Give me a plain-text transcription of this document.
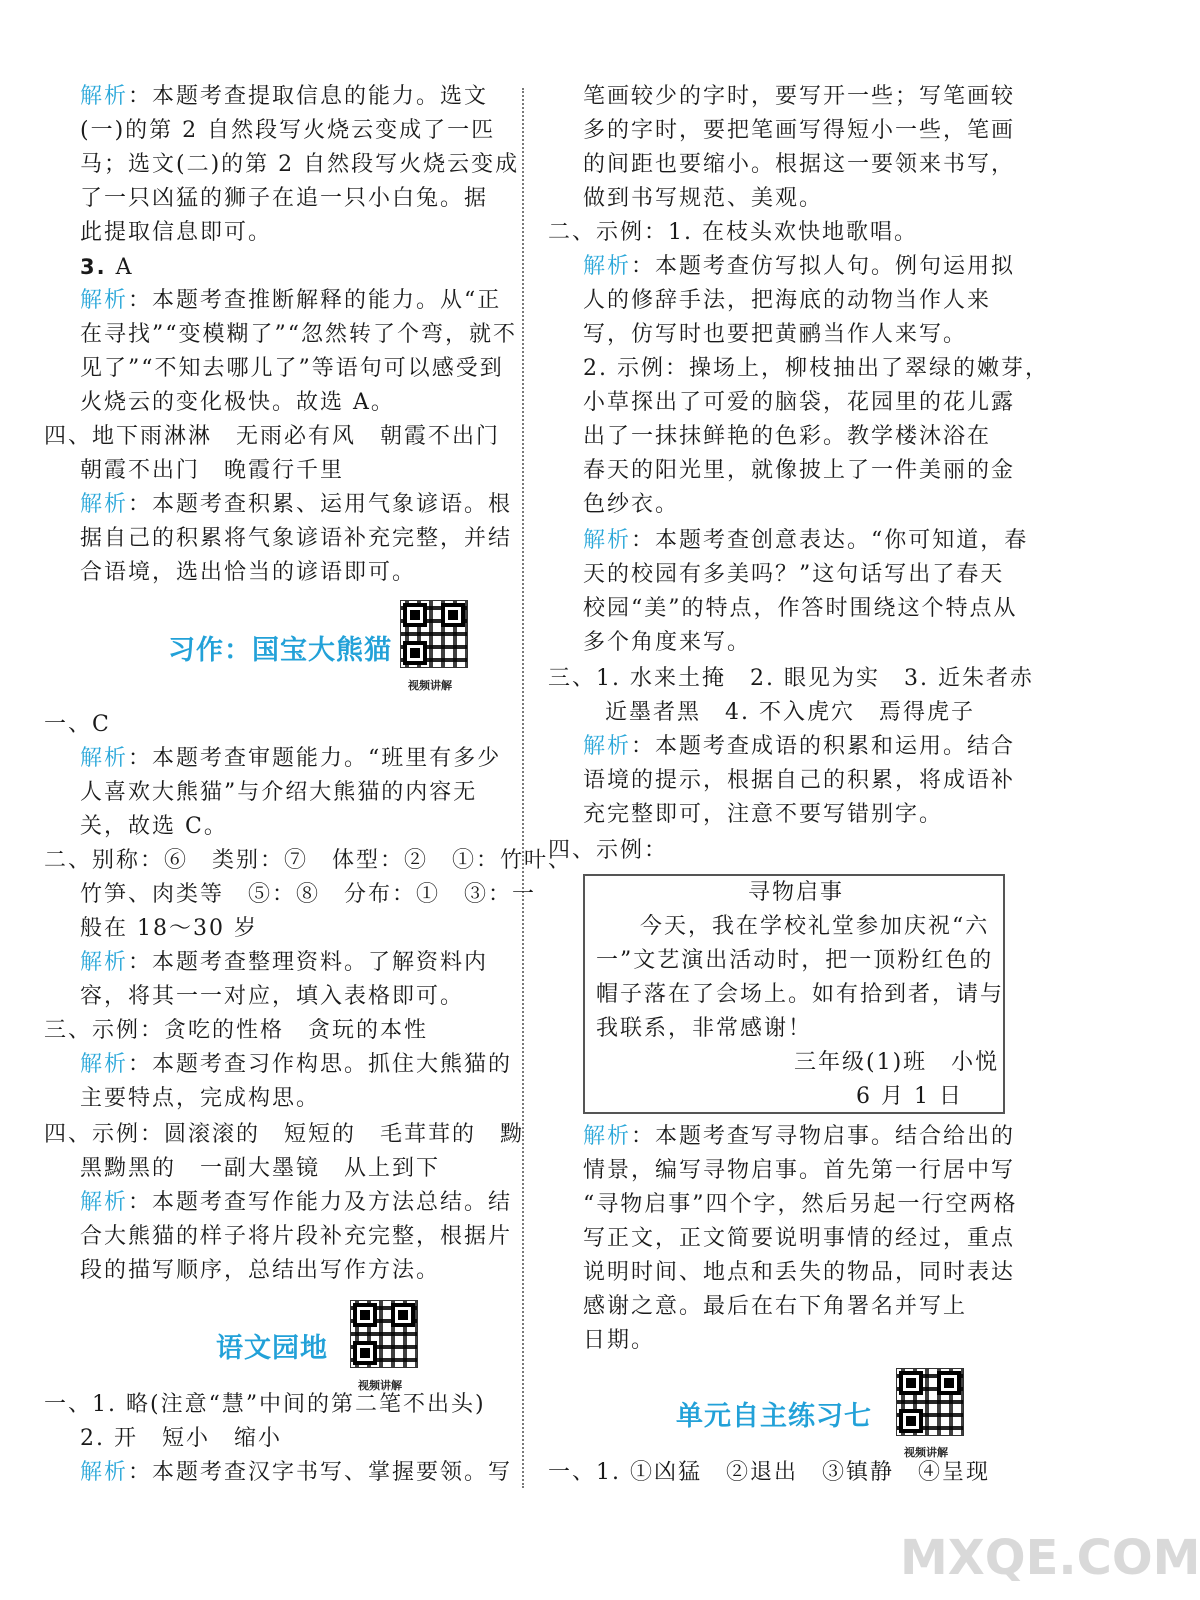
解析：本题考查提取信息的能力。选文
(一)的第 2 自然段写火烧云变成了一匹
马；选文(二)的第 2 自然段写火烧云变成
了一只凶猛的狮子在追一只小白兔。据
此提取信息即可。
3. A
解析：本题考查推断解释的能力。从“正
在寻找”“变模糊了”“忽然转了个弯，就不
见了”“不知去哪儿了”等语句可以感受到
火烧云的变化极快。故选 A。
四、地下雨淋淋　无雨必有风　朝霞不出门
朝霞不出门　晚霞行千里
解析：本题考查积累、运用气象谚语。根
据自己的积累将气象谚语补充完整，并结
合语境，选出恰当的谚语即可。
习作：国宝大熊猫
视频讲解
一、C
解析：本题考查审题能力。“班里有多少
人喜欢大熊猫”与介绍大熊猫的内容无
关，故选 C。
二、别称：⑥　类别：⑦　体型：②　①：竹叶、
竹笋、肉类等　⑤：⑧　分布：①　③：一
般在 18～30 岁
解析：本题考查整理资料。了解资料内
容，将其一一对应，填入表格即可。
三、示例：贪吃的性格　贪玩的本性
解析：本题考查习作构思。抓住大熊猫的
主要特点，完成构思。
四、示例：圆滚滚的　短短的　毛茸茸的　黝
黑黝黑的　一副大墨镜　从上到下
解析：本题考查写作能力及方法总结。结
合大熊猫的样子将片段补充完整，根据片
段的描写顺序，总结出写作方法。
语文园地
视频讲解
一、1. 略(注意“慧”中间的第二笔不出头)
2. 开　短小　缩小
解析：本题考查汉字书写、掌握要领。写
笔画较少的字时，要写开一些；写笔画较
多的字时，要把笔画写得短小一些，笔画
的间距也要缩小。根据这一要领来书写，
做到书写规范、美观。
二、示例：1. 在枝头欢快地歌唱。
解析：本题考查仿写拟人句。例句运用拟
人的修辞手法，把海底的动物当作人来
写，仿写时也要把黄鹂当作人来写。
2. 示例：操场上，柳枝抽出了翠绿的嫩芽，
小草探出了可爱的脑袋，花园里的花儿露
出了一抹抹鲜艳的色彩。教学楼沐浴在
春天的阳光里，就像披上了一件美丽的金
色纱衣。
解析：本题考查创意表达。“你可知道，春
天的校园有多美吗？”这句话写出了春天
校园“美”的特点，作答时围绕这个特点从
多个角度来写。
三、1. 水来土掩　2. 眼见为实　3. 近朱者赤
近墨者黑　4. 不入虎穴　焉得虎子
解析：本题考查成语的积累和运用。结合
语境的提示，根据自己的积累，将成语补
充完整即可，注意不要写错别字。
四、示例：
寻物启事
今天，我在学校礼堂参加庆祝“六
一”文艺演出活动时，把一顶粉红色的
帽子落在了会场上。如有拾到者，请与
我联系，非常感谢！
三年级(1)班　小悦
6 月 1 日
解析：本题考查写寻物启事。结合给出的
情景，编写寻物启事。首先第一行居中写
“寻物启事”四个字，然后另起一行空两格
写正文，正文简要说明事情的经过，重点
说明时间、地点和丢失的物品，同时表达
感谢之意。最后在右下角署名并写上
日期。
单元自主练习七
视频讲解
一、1. ①凶猛　②退出　③镇静　④呈现
MXQE.COM
